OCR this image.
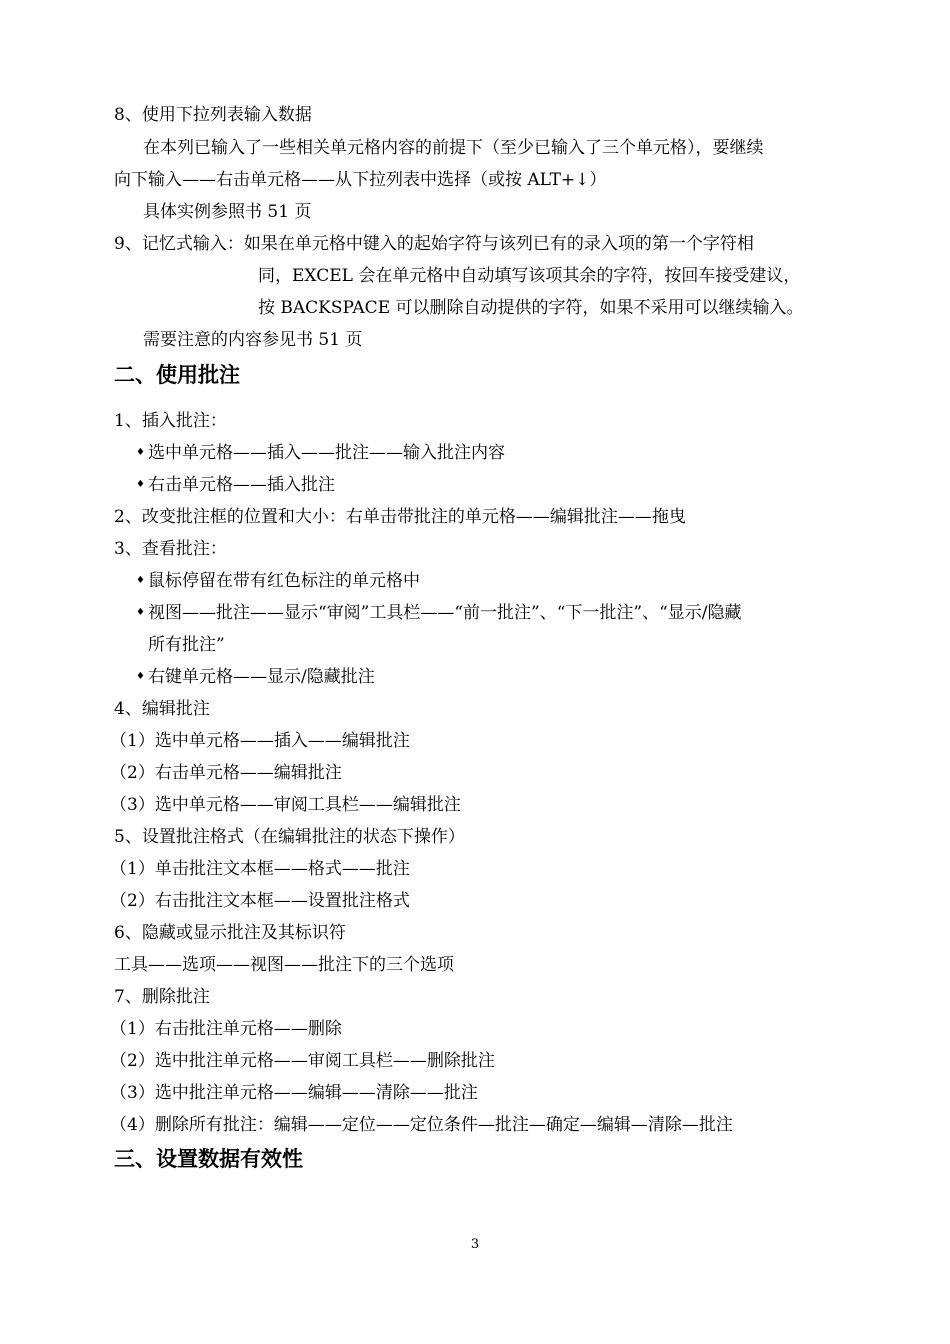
8、使用下拉列表输入数据
在本列已输入了一些相关单元格内容的前提下（至少已输入了三个单元格），要继续
向下输入——右击单元格——从下拉列表中选择（或按 ALT+↓）
具体实例参照书 51 页
9、记忆式输入：如果在单元格中键入的起始字符与该列已有的录入项的第一个字符相
同，EXCEL 会在单元格中自动填写该项其余的字符，按回车接受建议，
按 BACKSPACE 可以删除自动提供的字符，如果不采用可以继续输入。
需要注意的内容参见书 51 页
二、使用批注
1、插入批注：
♦ 选中单元格——插入——批注——输入批注内容
♦ 右击单元格——插入批注
2、改变批注框的位置和大小：右单击带批注的单元格——编辑批注——拖曳
3、查看批注：
♦ 鼠标停留在带有红色标注的单元格中
♦ 视图——批注——显示“审阅”工具栏——“前一批注”、“下一批注”、“显示/隐藏
所有批注”
♦ 右键单元格——显示/隐藏批注
4、编辑批注
（1）选中单元格——插入——编辑批注
（2）右击单元格——编辑批注
（3）选中单元格——审阅工具栏——编辑批注
5、设置批注格式（在编辑批注的状态下操作）
（1）单击批注文本框——格式——批注
（2）右击批注文本框——设置批注格式
6、隐藏或显示批注及其标识符
工具——选项——视图——批注下的三个选项
7、删除批注
（1）右击批注单元格——删除
（2）选中批注单元格——审阅工具栏——删除批注
（3）选中批注单元格——编辑——清除——批注
（4）删除所有批注：编辑——定位——定位条件—批注—确定—编辑—清除—批注
三、设置数据有效性
3
